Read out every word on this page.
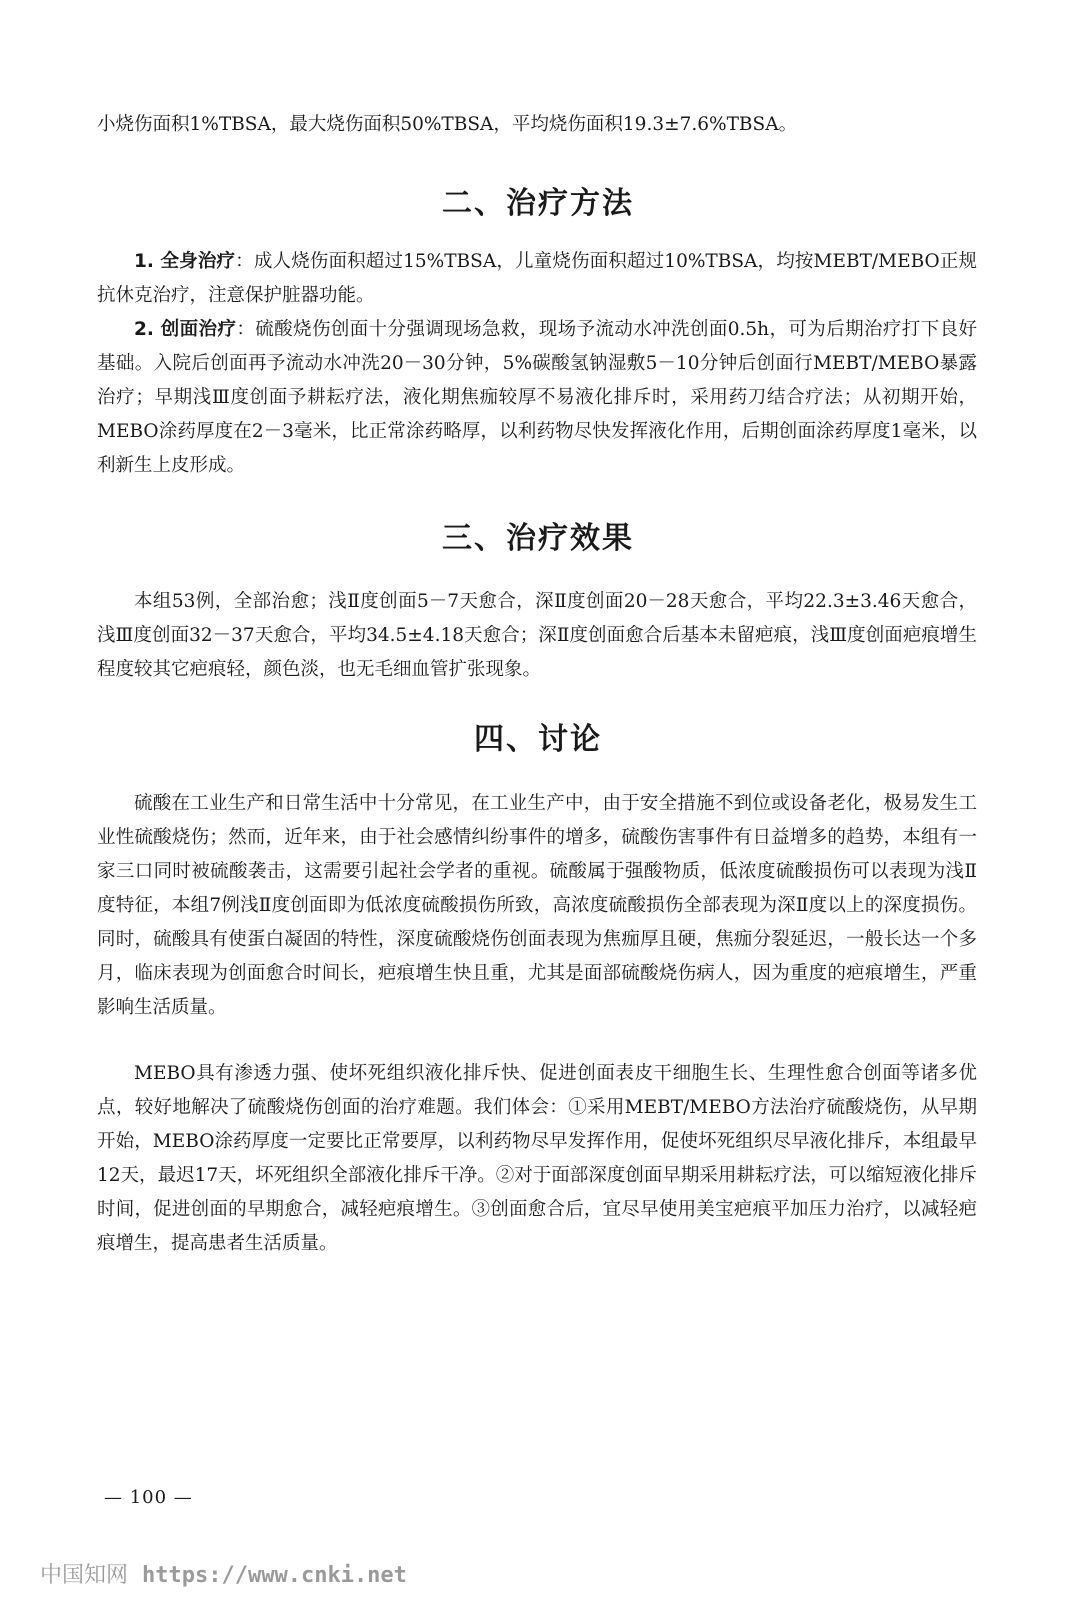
小烧伤面积1%TBSA，最大烧伤面积50%TBSA，平均烧伤面积19.3±7.6%TBSA。

二、治疗方法

1. 全身治疗：成人烧伤面积超过15%TBSA，儿童烧伤面积超过10%TBSA，均按MEBT/MEBO正规抗休克治疗，注意保护脏器功能。

2. 创面治疗：硫酸烧伤创面十分强调现场急救，现场予流动水冲洗创面0.5h，可为后期治疗打下良好基础。入院后创面再予流动水冲洗20－30分钟，5%碳酸氢钠湿敷5－10分钟后创面行MEBT/MEBO暴露治疗；早期浅Ⅲ度创面予耕耘疗法，液化期焦痂较厚不易液化排斥时，采用药刀结合疗法；从初期开始，MEBO涂药厚度在2－3毫米，比正常涂药略厚，以利药物尽快发挥液化作用，后期创面涂药厚度1毫米，以利新生上皮形成。

三、治疗效果

本组53例，全部治愈；浅Ⅱ度创面5－7天愈合，深Ⅱ度创面20－28天愈合，平均22.3±3.46天愈合，浅Ⅲ度创面32－37天愈合，平均34.5±4.18天愈合；深Ⅱ度创面愈合后基本未留疤痕，浅Ⅲ度创面疤痕增生程度较其它疤痕轻，颜色淡，也无毛细血管扩张现象。

四、讨论

硫酸在工业生产和日常生活中十分常见，在工业生产中，由于安全措施不到位或设备老化，极易发生工业性硫酸烧伤；然而，近年来，由于社会感情纠纷事件的增多，硫酸伤害事件有日益增多的趋势，本组有一家三口同时被硫酸袭击，这需要引起社会学者的重视。硫酸属于强酸物质，低浓度硫酸损伤可以表现为浅Ⅱ度特征，本组7例浅Ⅱ度创面即为低浓度硫酸损伤所致，高浓度硫酸损伤全部表现为深Ⅱ度以上的深度损伤。同时，硫酸具有使蛋白凝固的特性，深度硫酸烧伤创面表现为焦痂厚且硬，焦痂分裂延迟，一般长达一个多月，临床表现为创面愈合时间长，疤痕增生快且重，尤其是面部硫酸烧伤病人，因为重度的疤痕增生，严重影响生活质量。

MEBO具有渗透力强、使坏死组织液化排斥快、促进创面表皮干细胞生长、生理性愈合创面等诸多优点，较好地解决了硫酸烧伤创面的治疗难题。我们体会：①采用MEBT/MEBO方法治疗硫酸烧伤，从早期开始，MEBO涂药厚度一定要比正常要厚，以利药物尽早发挥作用，促使坏死组织尽早液化排斥，本组最早12天，最迟17天，坏死组织全部液化排斥干净。②对于面部深度创面早期采用耕耘疗法，可以缩短液化排斥时间，促进创面的早期愈合，减轻疤痕增生。③创面愈合后，宜尽早使用美宝疤痕平加压力治疗，以减轻疤痕增生，提高患者生活质量。

— 100 —
中国知网 https://www.cnki.net
